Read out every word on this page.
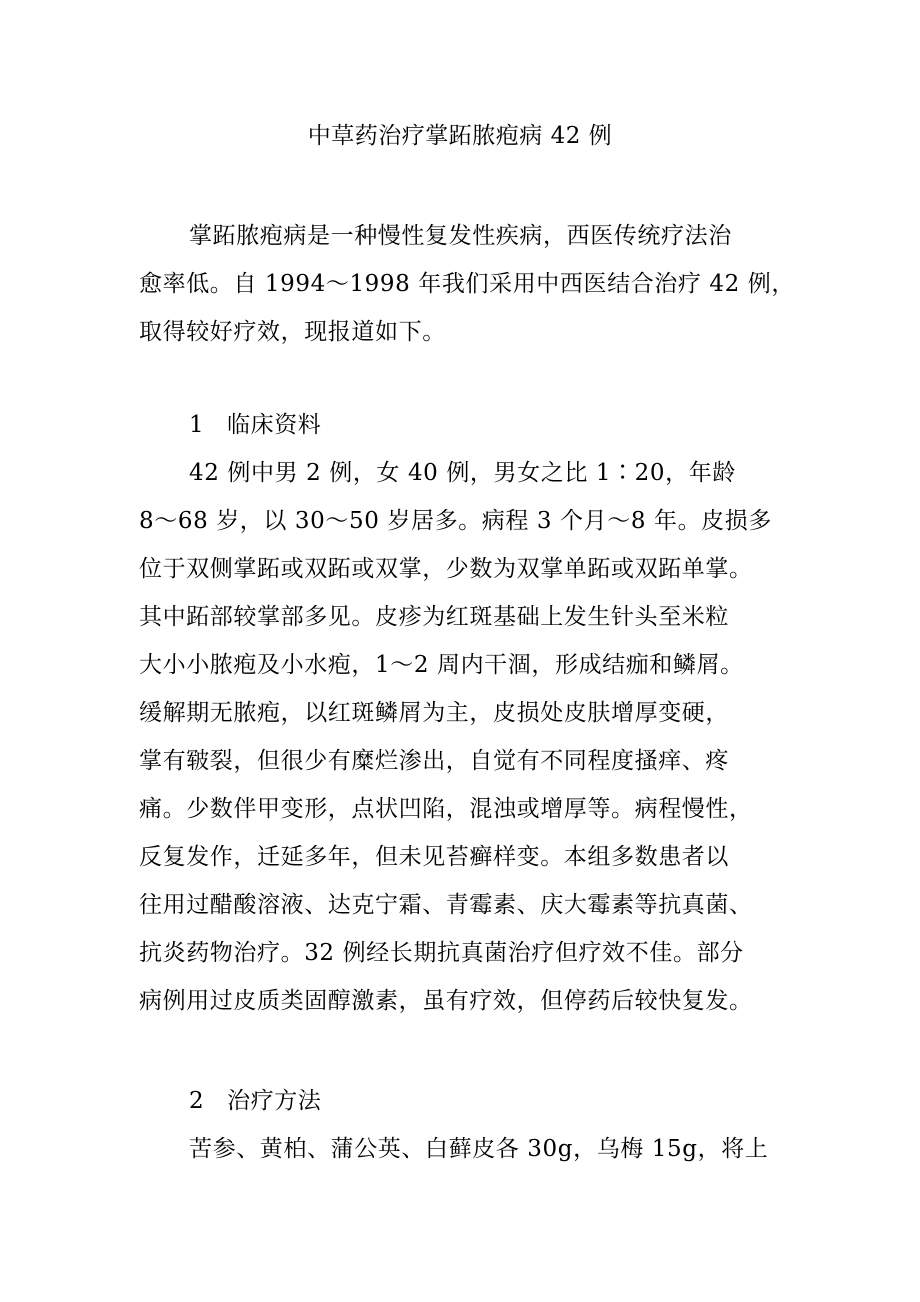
中草药治疗掌跖脓疱病 42 例
掌跖脓疱病是一种慢性复发性疾病，西医传统疗法治
愈率低。自 1994～1998 年我们采用中西医结合治疗 42 例，
取得较好疗效，现报道如下。
1 临床资料
42 例中男 2 例，女 40 例，男女之比 1∶20，年龄
8～68 岁，以 30～50 岁居多。病程 3 个月～8 年。皮损多
位于双侧掌跖或双跖或双掌，少数为双掌单跖或双跖单掌。
其中跖部较掌部多见。皮疹为红斑基础上发生针头至米粒
大小小脓疱及小水疱，1～2 周内干涸，形成结痂和鳞屑。
缓解期无脓疱，以红斑鳞屑为主，皮损处皮肤增厚变硬，
掌有皲裂，但很少有糜烂渗出，自觉有不同程度搔痒、疼
痛。少数伴甲变形，点状凹陷，混浊或增厚等。病程慢性，
反复发作，迁延多年，但未见苔癣样变。本组多数患者以
往用过醋酸溶液、达克宁霜、青霉素、庆大霉素等抗真菌、
抗炎药物治疗。32 例经长期抗真菌治疗但疗效不佳。部分
病例用过皮质类固醇激素，虽有疗效，但停药后较快复发。
2 治疗方法
苦参、黄柏、蒲公英、白藓皮各 30g，乌梅 15g，将上
